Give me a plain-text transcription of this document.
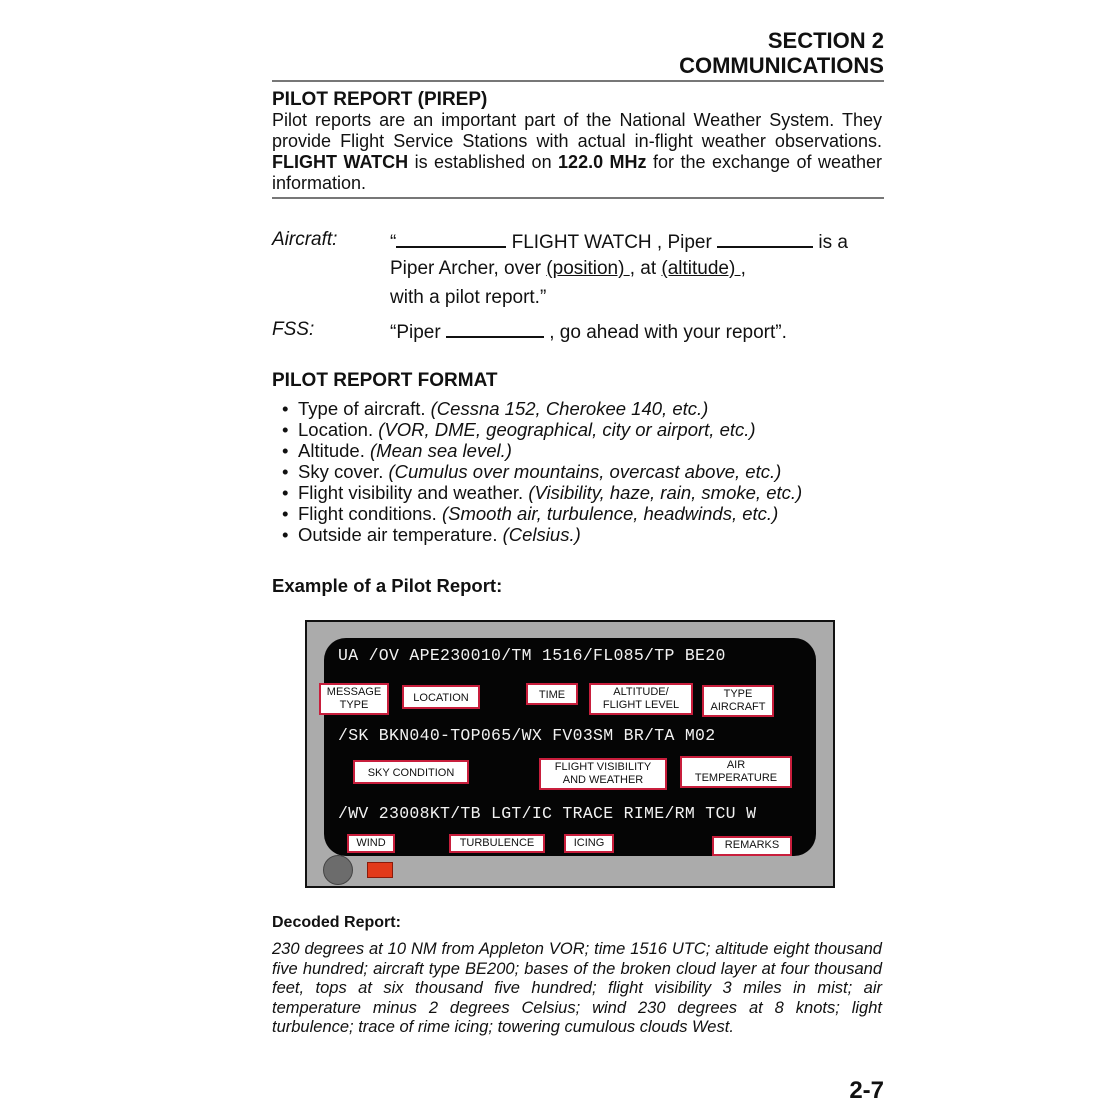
SECTION 2
COMMUNICATIONS
PILOT REPORT (PIREP)
Pilot reports are an important part of the National Weather System. They provide Flight Service Stations with actual in-flight weather observations. FLIGHT WATCH is established on 122.0 MHz for the exchange of weather information.
Aircraft:	“	FLIGHT WATCH , Piper	is a
Piper Archer, over (position) , at (altitude) ,
with a pilot report.”
FSS:	“Piper	, go ahead with your report”.
PILOT REPORT FORMAT
• Type of aircraft. (Cessna 152, Cherokee 140, etc.)
• Location. (VOR, DME, geographical, city or airport, etc.)
• Altitude. (Mean sea level.)
• Sky cover. (Cumulus over mountains, overcast above, etc.)
• Flight visibility and weather. (Visibility, haze, rain, smoke, etc.)
• Flight conditions. (Smooth air, turbulence, headwinds, etc.)
• Outside air temperature. (Celsius.)
Example of a Pilot Report:
UA /OV APE230010/TM 1516/FL085/TP BE20
/SK BKN040-TOP065/WX FV03SM BR/TA M02
/WV 23008KT/TB LGT/IC TRACE RIME/RM TCU W
MESSAGE
TYPE
LOCATION	TIME	ALTITUDE/
FLIGHT LEVEL
TYPE
AIRCRAFT
SKY CONDITION	FLIGHT VISIBILITY
AND WEATHER
AIR
TEMPERATURE
WIND	TURBULENCE	ICING	REMARKS
Decoded Report:
230 degrees at 10 NM from Appleton VOR; time 1516 UTC; altitude eight thousand five hundred; aircraft type BE200; bases of the broken cloud layer at four thousand feet, tops at six thousand five hundred; flight visibility 3 miles in mist; air temperature minus 2 degrees Celsius; wind 230 degrees at 8 knots; light turbulence; trace of rime icing; towering cumulous clouds West.
2-7
